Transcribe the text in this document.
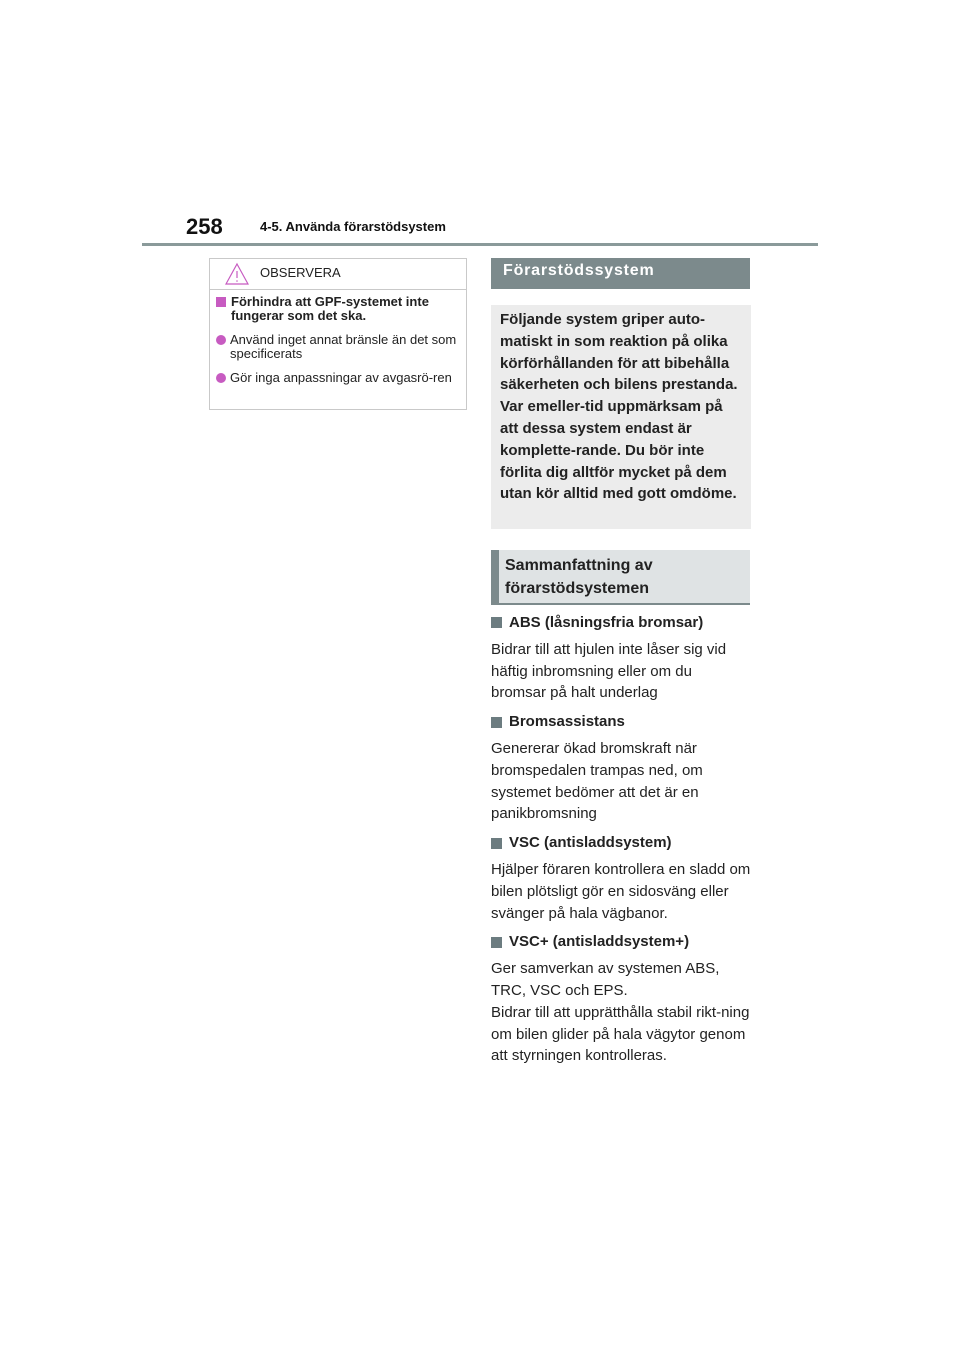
258	4-5. Använda förarstödsystem
OBSERVERA
Förhindra att GPF-systemet inte fungerar som det ska.
Använd inget annat bränsle än det som specificerats
Gör inga anpassningar av avgasrö-ren
Förarstödssystem
Följande system griper auto-matiskt in som reaktion på olika körförhållanden för att bibehålla säkerheten och bilens prestanda. Var emeller-tid uppmärksam på att dessa system endast är komplette-rande. Du bör inte förlita dig alltför mycket på dem utan kör alltid med gott omdöme.
Sammanfattning av förarstödsystemen
ABS (låsningsfria bromsar)
Bidrar till att hjulen inte låser sig vid häftig inbromsning eller om du bromsar på halt underlag
Bromsassistans
Genererar ökad bromskraft när bromspedalen trampas ned, om systemet bedömer att det är en panikbromsning
VSC (antisladdsystem)
Hjälper föraren kontrollera en sladd om bilen plötsligt gör en sidosväng eller svänger på hala vägbanor.
VSC+ (antisladdsystem+)
Ger samverkan av systemen ABS, TRC, VSC och EPS.
Bidrar till att upprätthålla stabil rikt-ning om bilen glider på hala vägytor genom att styrningen kontrolleras.
